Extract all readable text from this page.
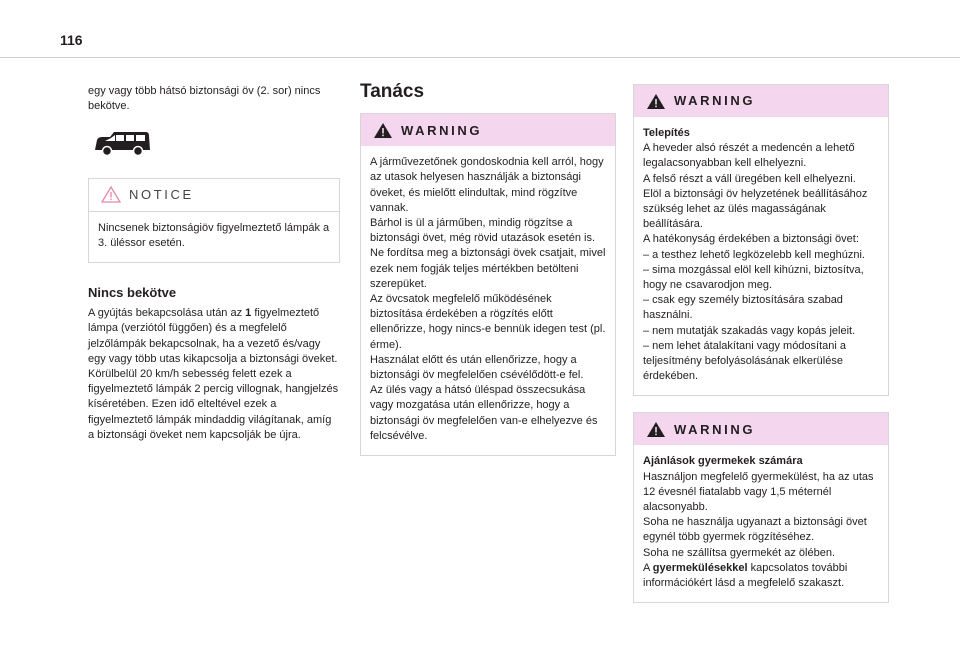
116

egy vagy több hátsó biztonsági öv (2. sor) nincs bekötve.

NOTICE

Nincsenek biztonságiöv figyelmeztető lámpák a 3. üléssor esetén.

Nincs bekötve

A gyújtás bekapcsolása után az 1 figyelmeztető lámpa (verziótól függően) és a megfelelő jelzőlámpák bekapcsolnak, ha a vezető és/vagy egy vagy több utas kikapcsolja a biztonsági öveket.

Körülbelül 20 km/h sebesség felett ezek a figyelmeztető lámpák 2 percig villognak, hangjelzés kíséretében. Ezen idő elteltével ezek a figyelmeztető lámpák mindaddig világítanak, amíg a biztonsági öveket nem kapcsolják be újra.

Tanács
WARNING
A járművezetőnek gondoskodnia kell arról, hogy az utasok helyesen használják a biztonsági öveket, és mielőtt elindultak, mind rögzítve vannak.
Bárhol is ül a járműben, mindig rögzítse a biztonsági övet, még rövid utazások esetén is.
Ne fordítsa meg a biztonsági övek csatjait, mivel ezek nem fogják teljes mértékben betölteni szerepüket.
Az övcsatok megfelelő működésének biztosítása érdekében a rögzítés előtt ellenőrizze, hogy nincs-e bennük idegen test (pl. érme).
Használat előtt és után ellenőrizze, hogy a biztonsági öv megfelelően csévélődött-e fel.
Az ülés vagy a hátsó üléspad összecsukása vagy mozgatása után ellenőrizze, hogy a biztonsági öv megfelelően van-e elhelyezve és felcsévélve.
WARNING
Telepítés
A heveder alsó részét a medencén a lehető legalacsonyabban kell elhelyezni.
A felső részt a váll üregében kell elhelyezni.
Elöl a biztonsági öv helyzetének beállításához szükség lehet az ülés magasságának beállítására.
A hatékonyság érdekében a biztonsági övet:
– a testhez lehető legközelebb kell meghúzni.
– sima mozgással elöl kell kihúzni, biztosítva, hogy ne csavarodjon meg.
– csak egy személy biztosítására szabad használni.
– nem mutatják szakadás vagy kopás jeleit.
– nem lehet átalakítani vagy módosítani a teljesítmény befolyásolásának elkerülése érdekében.
WARNING
Ajánlások gyermekek számára
Használjon megfelelő gyermekülést, ha az utas 12 évesnél fiatalabb vagy 1,5 méternél alacsonyabb.
Soha ne használja ugyanazt a biztonsági övet egynél több gyermek rögzítéséhez.
Soha ne szállítsa gyermekét az ölében.
A gyermekülésekkel kapcsolatos további információkért lásd a megfelelő szakaszt.
